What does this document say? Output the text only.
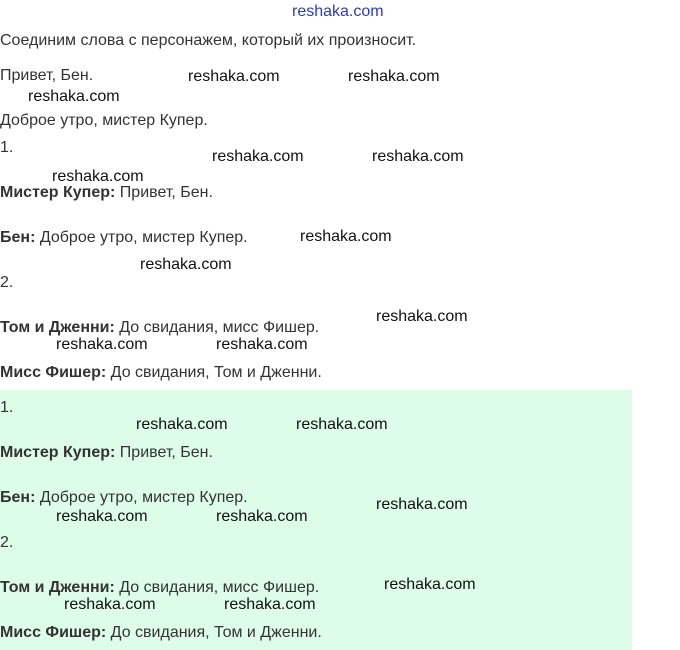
reshaka.com
Соединим слова с персонажем, который их произносит.
Привет, Бен.
Доброе утро, мистер Купер.
1.
Мистер Купер: Привет, Бен.
Бен: Доброе утро, мистер Купер.
2.
Том и Дженни: До свидания, мисс Фишер.
Мисс Фишер: До свидания, Том и Дженни.
1.
Мистер Купер: Привет, Бен.
Бен: Доброе утро, мистер Купер.
2.
Том и Дженни: До свидания, мисс Фишер.
Мисс Фишер: До свидания, Том и Дженни.
reshaka.com	reshaka.com
reshaka.com
reshaka.com	reshaka.com
reshaka.com
reshaka.com
reshaka.com
reshaka.com
reshaka.com	reshaka.com
reshaka.com	reshaka.com
reshaka.com
reshaka.com	reshaka.com
reshaka.com
reshaka.com	reshaka.com
